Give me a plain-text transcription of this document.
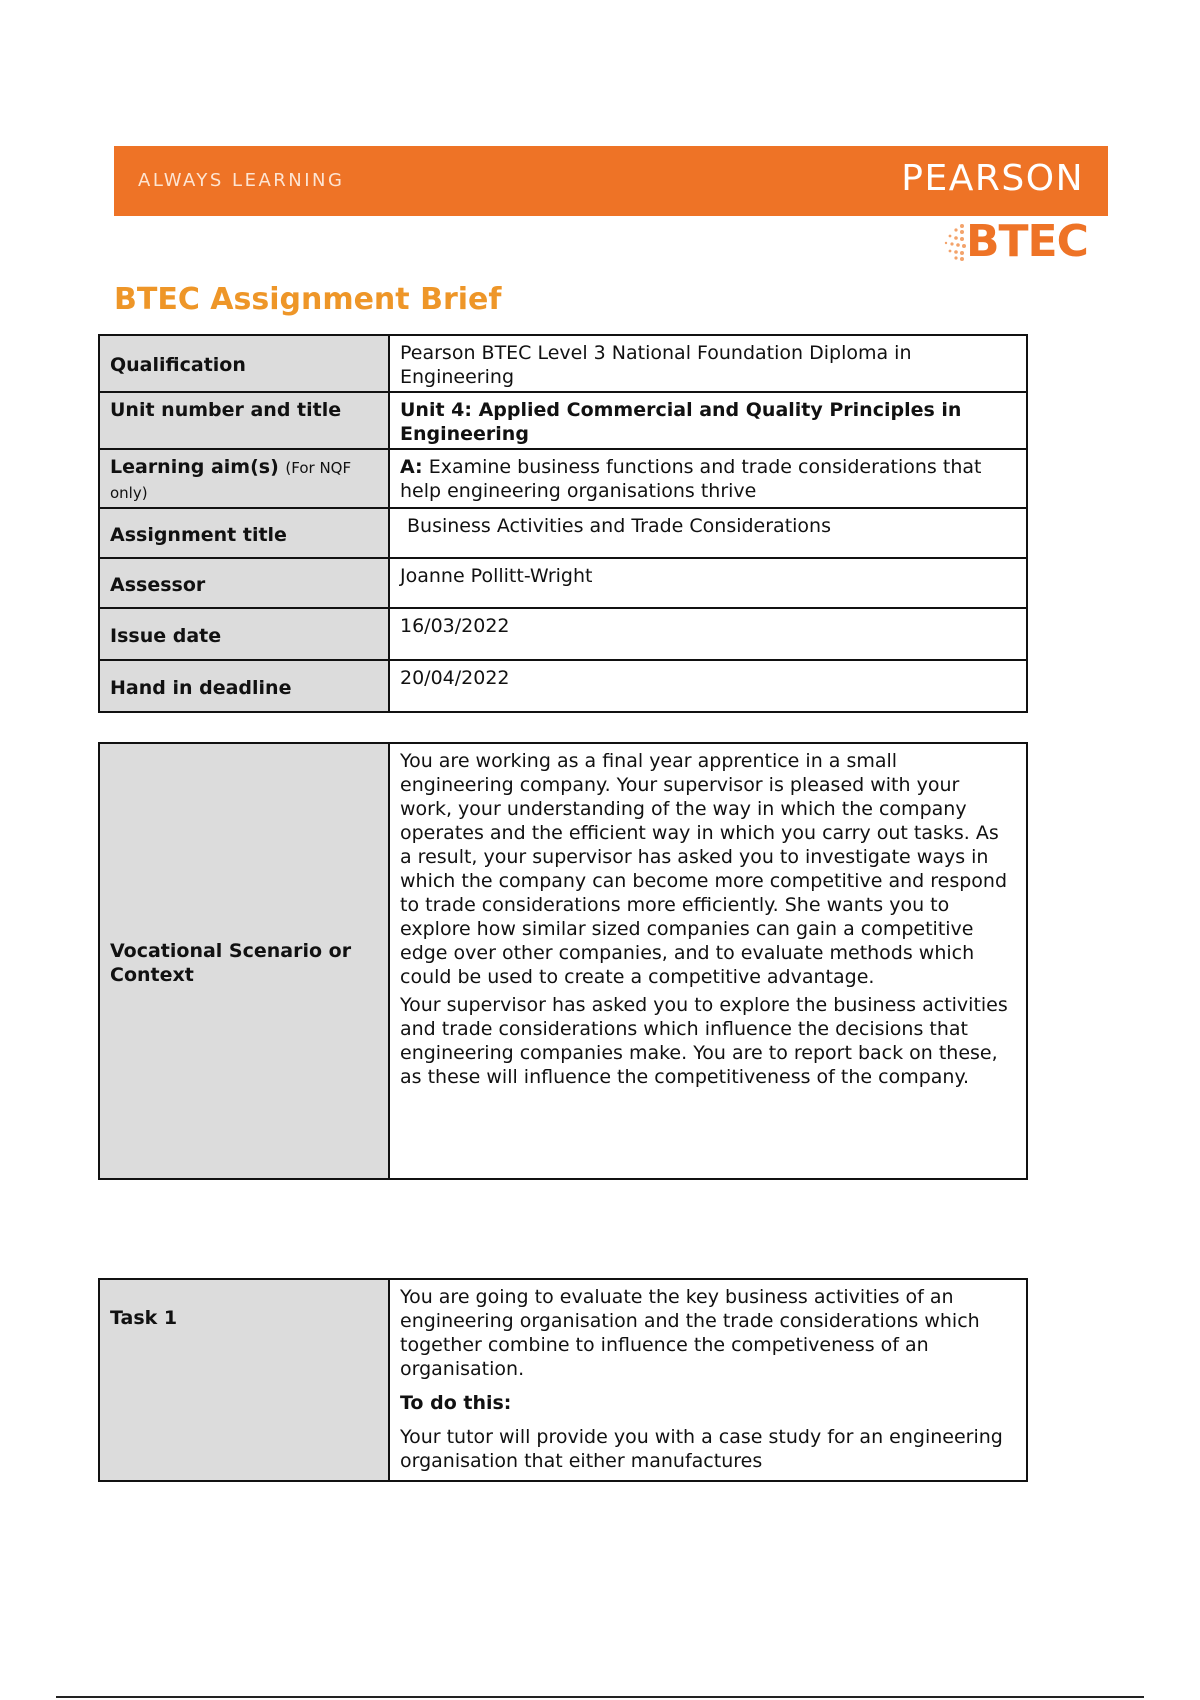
ALWAYS LEARNING	PEARSON
BTEC
BTEC Assignment Brief
Qualification	Pearson BTEC Level 3 National Foundation Diploma in Engineering
Unit number and title	Unit 4: Applied Commercial and Quality Principles in Engineering
Learning aim(s) (For NQF only)	A: Examine business functions and trade considerations that help engineering organisations thrive
Assignment title	Business Activities and Trade Considerations
Assessor	Joanne Pollitt-Wright
Issue date	16/03/2022
Hand in deadline	20/04/2022
Vocational Scenario or Context	

You are working as a final year apprentice in a small engineering company. Your supervisor is pleased with your work, your understanding of the way in which the company operates and the efficient way in which you carry out tasks. As a result, your supervisor has asked you to investigate ways in which the company can become more competitive and respond to trade considerations more efficiently. She wants you to explore how similar sized companies can gain a competitive edge over other companies, and to evaluate methods which could be used to create a competitive advantage.

Your supervisor has asked you to explore the business activities and trade considerations which influence the decisions that engineering companies make. You are to report back on these, as these will influence the competitiveness of the company.

Task 1	

You are going to evaluate the key business activities of an engineering organisation and the trade considerations which together combine to influence the competiveness of an organisation.

To do this:

Your tutor will provide you with a case study for an engineering organisation that either manufactures
